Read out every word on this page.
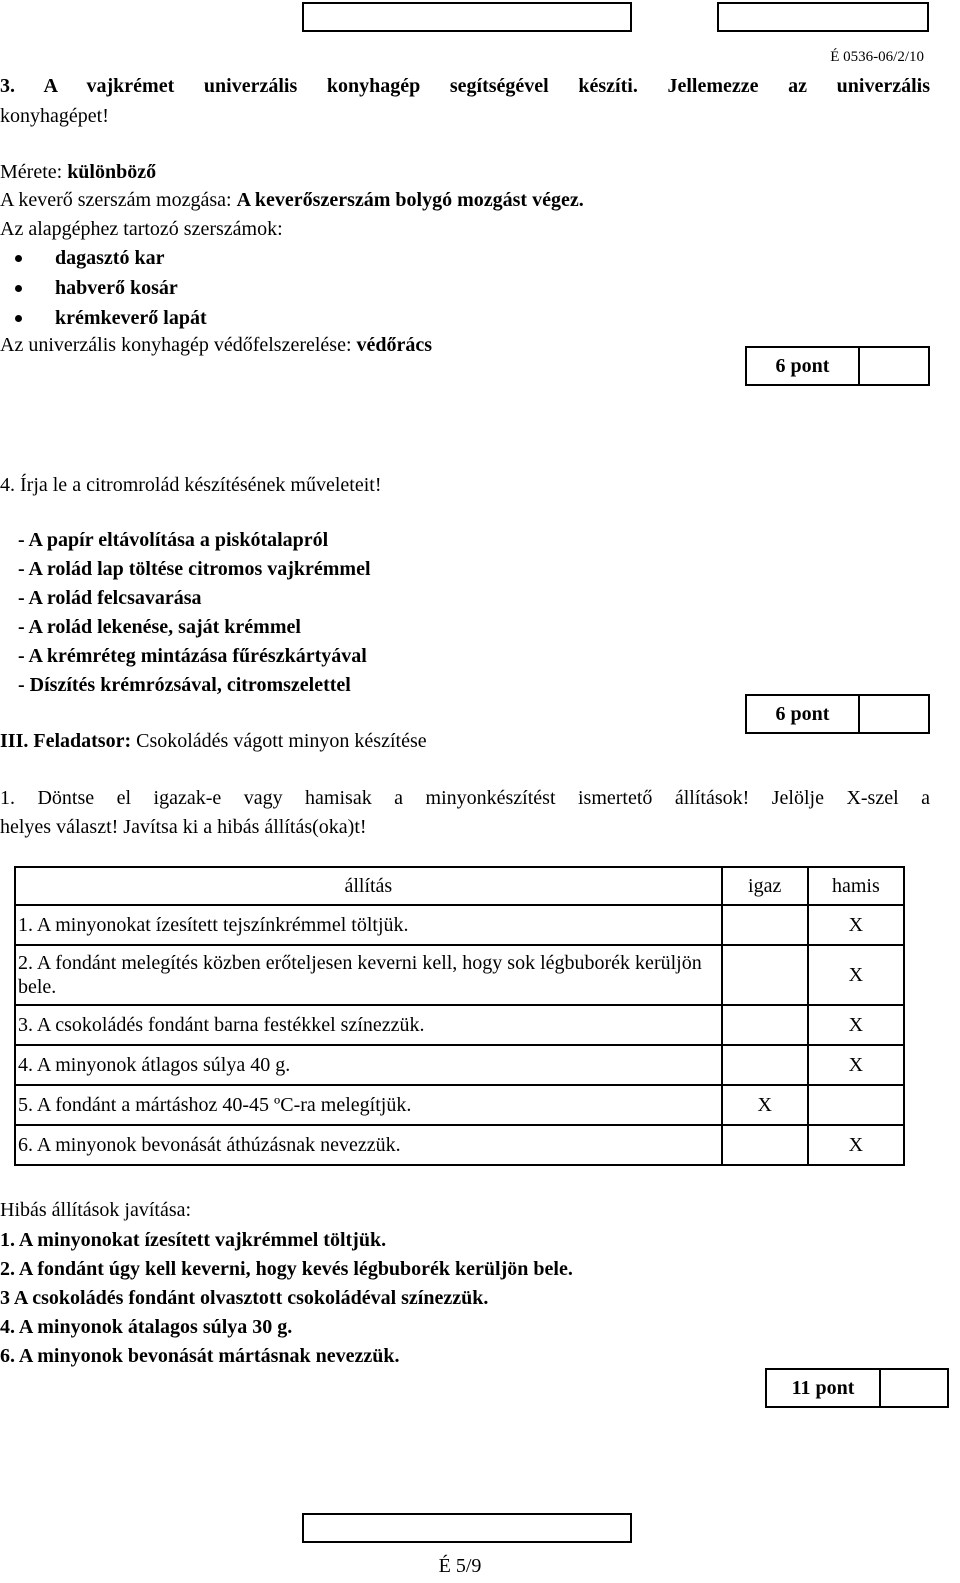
É 0536-06/2/10
3. A vajkrémet univerzális konyhagép segítségével készíti. Jellemezze az univerzális
konyhagépet!
Mérete: különböző
A keverő szerszám mozgása: A keverőszerszám bolygó mozgást végez.
Az alapgéphez tartozó szerszámok:
dagasztó kar
habverő kosár
krémkeverő lapát
Az univerzális konyhagép védőfelszerelése: védőrács
6 pont
4. Írja le a citromrolád készítésének műveleteit!
- A papír eltávolítása a piskótalapról
- A rolád lap töltése citromos vajkrémmel
- A rolád felcsavarása
- A rolád lekenése, saját krémmel
- A krémréteg mintázása fűrészkártyával
- Díszítés krémrózsával, citromszelettel
6 pont
III. Feladatsor: Csokoládés vágott minyon készítése
1. Döntse el igazak-e vagy hamisak a minyonkészítést ismertető állítások! Jelölje X-szel a
helyes választ! Javítsa ki a hibás állítás(oka)t!
állítás	igaz	hamis
1. A minyonokat ízesített tejszínkrémmel töltjük.		X
2. A fondánt melegítés közben erőteljesen keverni kell, hogy sok légbuborék kerüljön bele.		X
3. A csokoládés fondánt barna festékkel színezzük.		X
4. A minyonok átlagos súlya 40 g.		X
5. A fondánt a mártáshoz 40-45 ºC-ra melegítjük.	X	
6. A minyonok bevonását áthúzásnak nevezzük.		X
Hibás állítások javítása:
1. A minyonokat ízesített vajkrémmel töltjük.
2. A fondánt úgy kell keverni, hogy kevés légbuborék kerüljön bele.
3 A csokoládés fondánt olvasztott csokoládéval színezzük.
4. A minyonok átalagos súlya 30 g.
6. A minyonok bevonását mártásnak nevezzük.
11 pont
É 5/9
